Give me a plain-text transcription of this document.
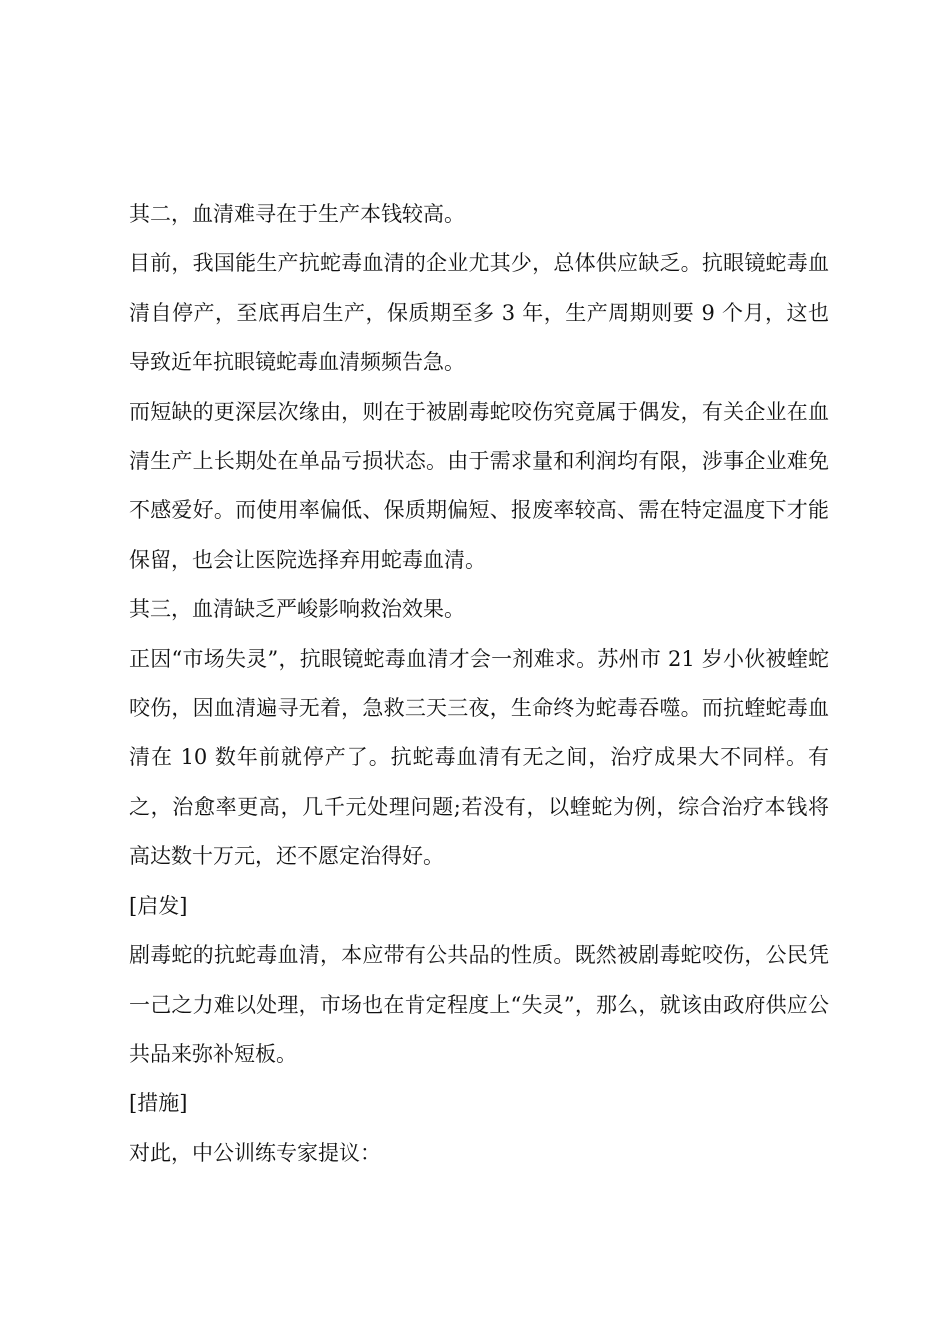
其二，血清难寻在于生产本钱较高。

目前，我国能生产抗蛇毒血清的企业尤其少，总体供应缺乏。抗眼镜蛇毒血清自停产，至底再启生产，保质期至多 3 年，生产周期则要 9 个月，这也导致近年抗眼镜蛇毒血清频频告急。

而短缺的更深层次缘由，则在于被剧毒蛇咬伤究竟属于偶发，有关企业在血清生产上长期处在单品亏损状态。由于需求量和利润均有限，涉事企业难免不感爱好。而使用率偏低、保质期偏短、报废率较高、需在特定温度下才能保留，也会让医院选择弃用蛇毒血清。

其三，血清缺乏严峻影响救治效果。

正因“市场失灵”，抗眼镜蛇毒血清才会一剂难求。苏州市 21 岁小伙被蝰蛇咬伤，因血清遍寻无着，急救三天三夜，生命终为蛇毒吞噬。而抗蝰蛇毒血清在 10 数年前就停产了。抗蛇毒血清有无之间，治疗成果大不同样。有之，治愈率更高，几千元处理问题;若没有，以蝰蛇为例，综合治疗本钱将高达数十万元，还不愿定治得好。

[启发]

剧毒蛇的抗蛇毒血清，本应带有公共品的性质。既然被剧毒蛇咬伤，公民凭一己之力难以处理，市场也在肯定程度上“失灵”，那么，就该由政府供应公共品来弥补短板。

[措施]

对此，中公训练专家提议：
